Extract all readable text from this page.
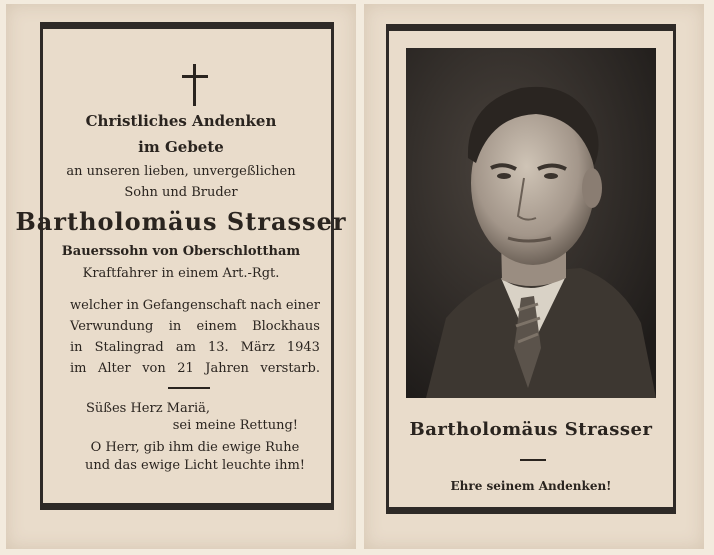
Christliches Andenken
im Gebete
an unseren lieben, unvergeßlichen
Sohn und Bruder
Bartholomäus Strasser
Bauerssohn von Oberschlottham
Kraftfahrer in einem Art.-Rgt.
welcher in Gefangenschaft nach einer
Verwundung in einem Blockhaus
in Stalingrad am 13. März 1943
im Alter von 21 Jahren verstarb.
Süßes Herz Mariä,
sei meine Rettung!
O Herr, gib ihm die ewige Ruhe
und das ewige Licht leuchte ihm!
Bartholomäus Strasser
Ehre seinem Andenken!
